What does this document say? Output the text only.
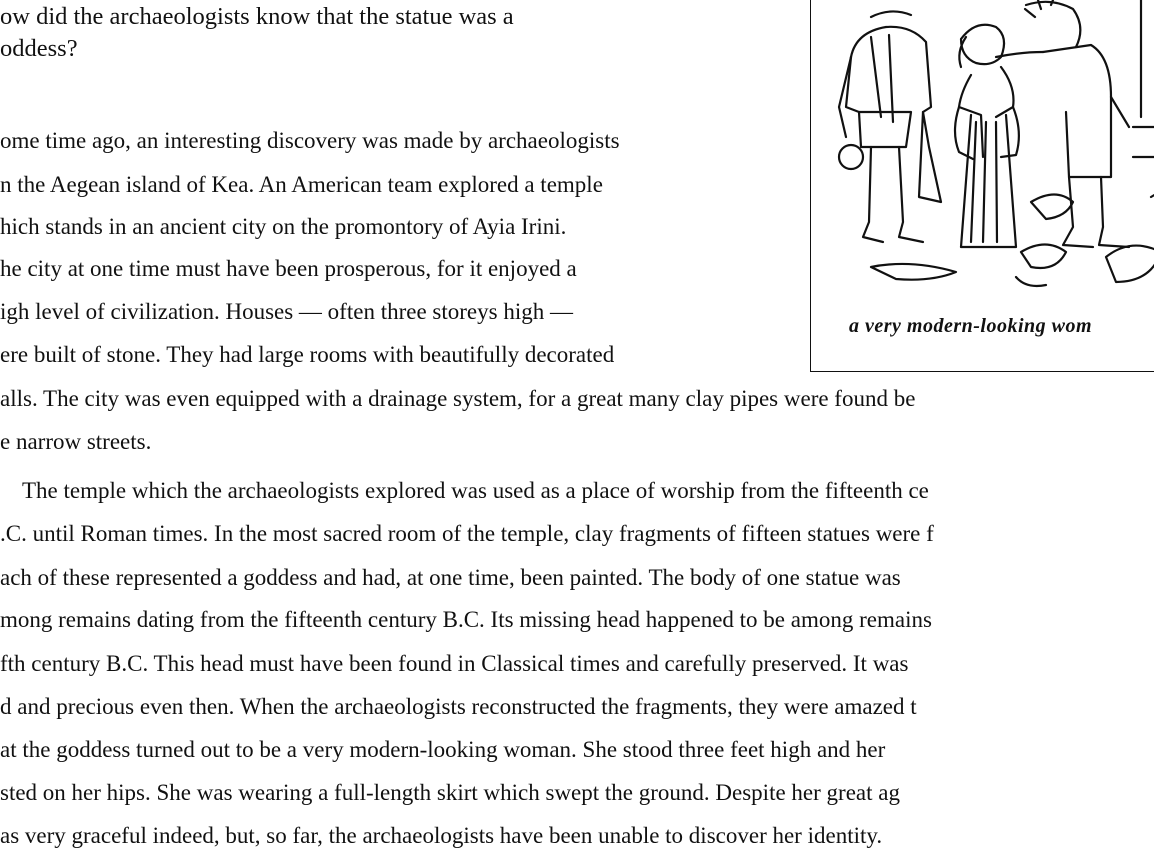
ow did the archaeologists know that the statue was a
oddess?
ome time ago, an interesting discovery was made by archaeologists
n the Aegean island of Kea. An American team explored a temple
hich stands in an ancient city on the promontory of Ayia Irini.
he city at one time must have been prosperous, for it enjoyed a
igh level of civilization. Houses — often three storeys high —
ere built of stone. They had large rooms with beautifully decorated
alls. The city was even equipped with a drainage system, for a great many clay pipes were found be
e narrow streets.
The temple which the archaeologists explored was used as a place of worship from the fifteenth ce
.C. until Roman times. In the most sacred room of the temple, clay fragments of fifteen statues were f
ach of these represented a goddess and had, at one time, been painted. The body of one statue was
mong remains dating from the fifteenth century B.C. Its missing head happened to be among remains
fth century B.C. This head must have been found in Classical times and carefully preserved. It was
d and precious even then. When the archaeologists reconstructed the fragments, they were amazed t
at the goddess turned out to be a very modern-looking woman. She stood three feet high and her
sted on her hips. She was wearing a full-length skirt which swept the ground. Despite her great ag
as very graceful indeed, but, so far, the archaeologists have been unable to discover her identity.
a very modern-looking wom
